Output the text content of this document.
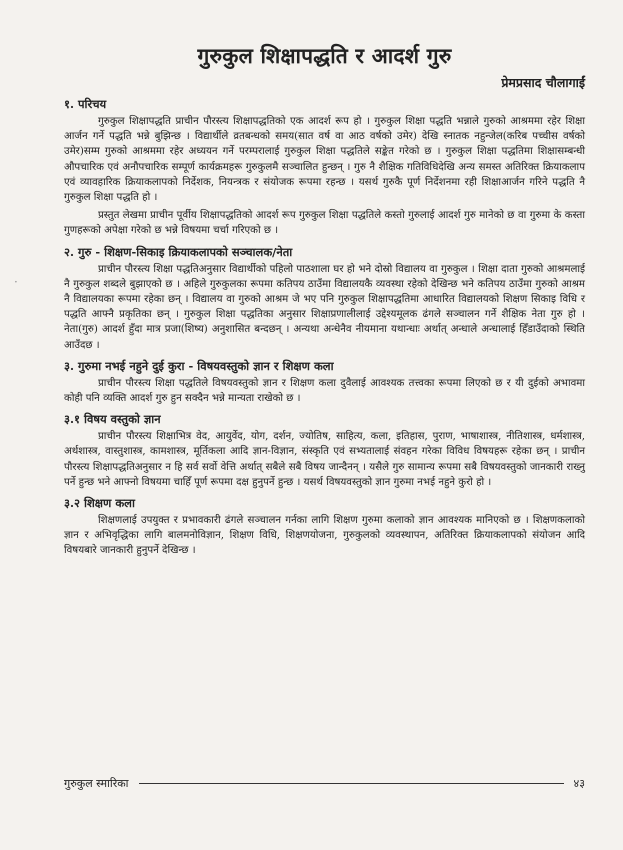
गुरुकुल शिक्षापद्धति र आदर्श गुरु
प्रेमप्रसाद चौलागाईं
१. परिचय

गुरुकुल शिक्षापद्धति प्राचीन पौरस्त्य शिक्षापद्धतिको एक आदर्श रूप हो । गुरुकुल शिक्षा पद्धति भन्नाले गुरुको आश्रममा रहेर शिक्षा आर्जन गर्ने पद्धति भन्ने बुझिन्छ । विद्यार्थीले व्रतबन्धको समय(सात वर्ष वा आठ वर्षको उमेर) देखि स्नातक नहुन्जेल(करिब पच्चीस वर्षको उमेर)सम्म गुरुको आश्रममा रहेर अध्ययन गर्ने परम्परालाई गुरुकुल शिक्षा पद्धतिले सङ्केत गरेको छ । गुरुकुल शिक्षा पद्धतिमा शिक्षासम्बन्धी औपचारिक एवं अनौपचारिक सम्पूर्ण कार्यक्रमहरू गुरुकुलमै सञ्चालित हुन्छन् । गुरु नै शैक्षिक गतिविधिदेखि अन्य समस्त अतिरिक्त क्रियाकलाप एवं व्यावहारिक क्रियाकलापको निर्देशक, नियन्त्रक र संयोजक रूपमा रहन्छ । यसर्थ गुरुकै पूर्ण निर्देशनमा रही शिक्षाआर्जन गरिने पद्धति नै गुरुकुल शिक्षा पद्धति हो ।

प्रस्तुत लेखमा प्राचीन पूर्वीय शिक्षापद्धतिको आदर्श रूप गुरुकुल शिक्षा पद्धतिले कस्तो गुरुलाई आदर्श गुरु मानेको छ वा गुरुमा के कस्ता गुणहरूको अपेक्षा गरेको छ भन्ने विषयमा चर्चा गरिएको छ ।

२. गुरु - शिक्षण-सिकाइ क्रियाकलापको सञ्चालक/नेता

प्राचीन पौरस्त्य शिक्षा पद्धतिअनुसार विद्यार्थीको पहिलो पाठशाला घर हो भने दोस्रो विद्यालय वा गुरुकुल । शिक्षा दाता गुरुको आश्रमलाई नै गुरुकुल शब्दले बुझाएको छ । अहिले गुरुकुलका रूपमा कतिपय ठाउँमा विद्यालयकै व्यवस्था रहेको देखिन्छ भने कतिपय ठाउँमा गुरुको आश्रम नै विद्यालयका रूपमा रहेका छन् । विद्यालय वा गुरुको आश्रम जे भए पनि गुरुकुल शिक्षापद्धतिमा आधारित विद्यालयको शिक्षण सिकाइ विधि र पद्धति आफ्नै प्रकृतिका छन् । गुरुकुल शिक्षा पद्धतिका अनुसार शिक्षाप्रणालीलाई उद्देश्यमूलक ढंगले सञ्चालन गर्ने शैक्षिक नेता गुरु हो । नेता(गुरु) आदर्श हुँदा मात्र प्रजा(शिष्य) अनुशासित बन्दछन् । अन्यथा अन्धेनैव नीयमाना यथान्धाः अर्थात् अन्धाले अन्धालाई हिँडाउँदाको स्थिति आउँदछ ।

३. गुरुमा नभई नहुने दुई कुरा - विषयवस्तुको ज्ञान र शिक्षण कला

प्राचीन पौरस्त्य शिक्षा पद्धतिले विषयवस्तुको ज्ञान र शिक्षण कला दुवैलाई आवश्यक तत्त्वका रूपमा लिएको छ र यी दुईको अभावमा कोही पनि व्यक्ति आदर्श गुरु हुन सक्दैन भन्ने मान्यता राखेको छ ।

३.१ विषय वस्तुको ज्ञान

प्राचीन पौरस्त्य शिक्षाभित्र वेद, आयुर्वेद, योग, दर्शन, ज्योतिष, साहित्य, कला, इतिहास, पुराण, भाषाशास्त्र, नीतिशास्त्र, धर्मशास्त्र, अर्थशास्त्र, वास्तुशास्त्र, कामशास्त्र, मूर्तिकला आदि ज्ञान-विज्ञान, संस्कृति एवं सभ्यतालाई संवहन गरेका विविध विषयहरू रहेका छन् । प्राचीन पौरस्त्य शिक्षापद्धतिअनुसार न हि सर्व सर्वो वेत्ति अर्थात् सबैले सबै विषय जान्दैनन् । यसैले गुरु सामान्य रूपमा सबै विषयवस्तुको जानकारी राख्नु पर्ने हुन्छ भने आफ्नो विषयमा चाहिँ पूर्ण रूपमा दक्ष हुनुपर्ने हुन्छ । यसर्थ विषयवस्तुको ज्ञान गुरुमा नभई नहुने कुरो हो ।

३.२ शिक्षण कला

शिक्षणलाई उपयुक्त र प्रभावकारी ढंगले सञ्चालन गर्नका लागि शिक्षण गुरुमा कलाको ज्ञान आवश्यक मानिएको छ । शिक्षणकलाको ज्ञान र अभिवृद्धिका लागि बालमनोविज्ञान, शिक्षण विधि, शिक्षणयोजना, गुरुकुलको व्यवस्थापन, अतिरिक्त क्रियाकलापको संयोजन आदि विषयबारे जानकारी हुनुपर्ने देखिन्छ ।

गुरुकुल स्मारिका	४३
·
